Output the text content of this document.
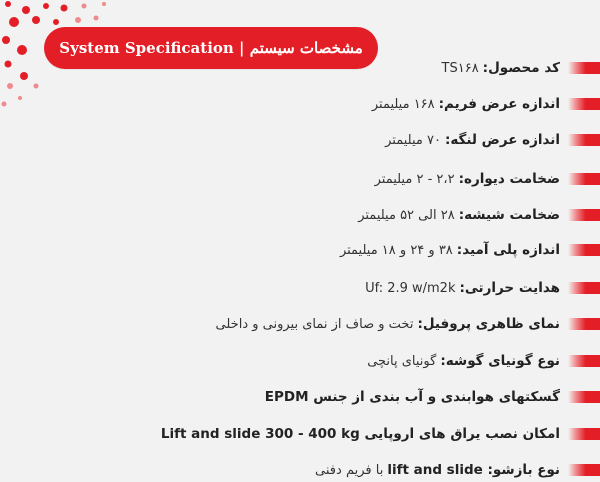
مشخصات سیستم | System Specification
کد محصول:
TS۱۶۸
اندازه عرض فریم:
۱۶۸ میلیمتر
اندازه عرض لنگه:
۷۰ میلیمتر
ضخامت دیواره:
۲،۲ - ۲ میلیمتر
ضخامت شیشه:
۲۸ الی ۵۲ میلیمتر
اندازه پلی آمید:
۳۸ و ۲۴ و ۱۸ میلیمتر
هدایت حرارتی:
Uf: 2.9 w/m2k
نمای ظاهری پروفیل:
تخت و صاف از نمای بیرونی و داخلی
نوع گونیای گوشه:
گونیای پانچی
گسکتهای هوابندی و آب بندی از جنس EPDM
امکان نصب یراق های اروپایی Lift and slide 300 - 400 kg
نوع بازشو: lift and slide
با فریم دفنی
